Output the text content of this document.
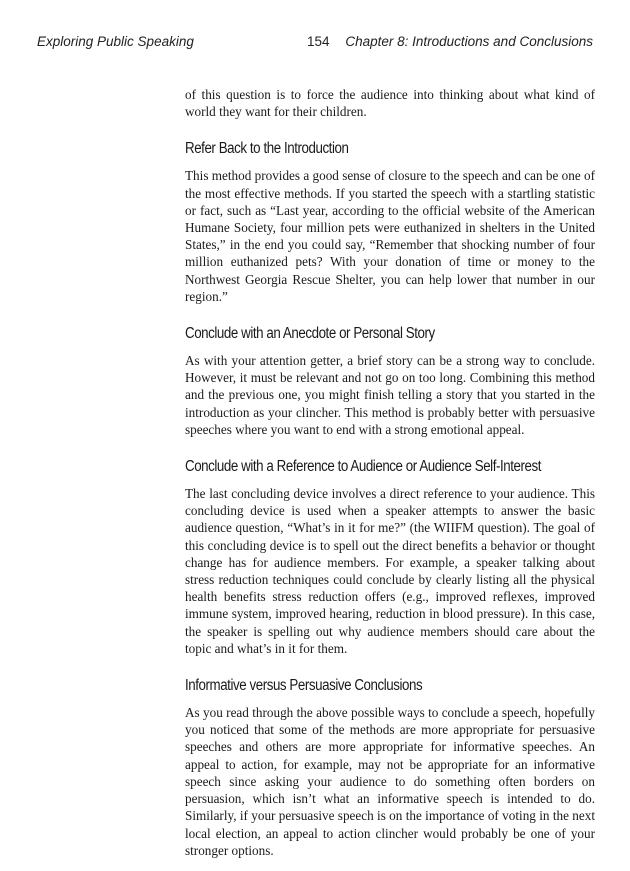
Exploring Public Speaking	154 Chapter 8: Introductions and Conclusions

of this question is to force the audience into thinking about what kind of world they want for their children.

Refer Back to the Introduction

This method provides a good sense of closure to the speech and can be one of the most effective methods. If you started the speech with a startling statistic or fact, such as “Last year, according to the official website of the American Humane Society, four million pets were euthanized in shelters in the United States,” in the end you could say, “Remember that shocking number of four million euthanized pets? With your donation of time or money to the Northwest Georgia Rescue Shelter, you can help lower that number in our region.”

Conclude with an Anecdote or Personal Story

As with your attention getter, a brief story can be a strong way to conclude. However, it must be relevant and not go on too long. Combining this method and the previous one, you might finish telling a story that you started in the introduction as your clincher. This method is probably better with persuasive speeches where you want to end with a strong emotional appeal.

Conclude with a Reference to Audience or Audience Self-Interest

The last concluding device involves a direct reference to your audience. This concluding device is used when a speaker attempts to answer the basic audience question, “What’s in it for me?” (the WIIFM question). The goal of this concluding device is to spell out the direct benefits a behavior or thought change has for audience members. For example, a speaker talking about stress reduction techniques could conclude by clearly listing all the physical health benefits stress reduction offers (e.g., improved reflexes, improved immune system, improved hearing, reduction in blood pressure). In this case, the speaker is spelling out why audience members should care about the topic and what’s in it for them.

Informative versus Persuasive Conclusions

As you read through the above possible ways to conclude a speech, hopefully you noticed that some of the methods are more appropriate for persuasive speeches and others are more appropriate for informative speeches. An appeal to action, for example, may not be appropriate for an informative speech since asking your audience to do something often borders on persuasion, which isn’t what an informative speech is intended to do. Similarly, if your persuasive speech is on the importance of voting in the next local election, an appeal to action clincher would probably be one of your stronger options.
